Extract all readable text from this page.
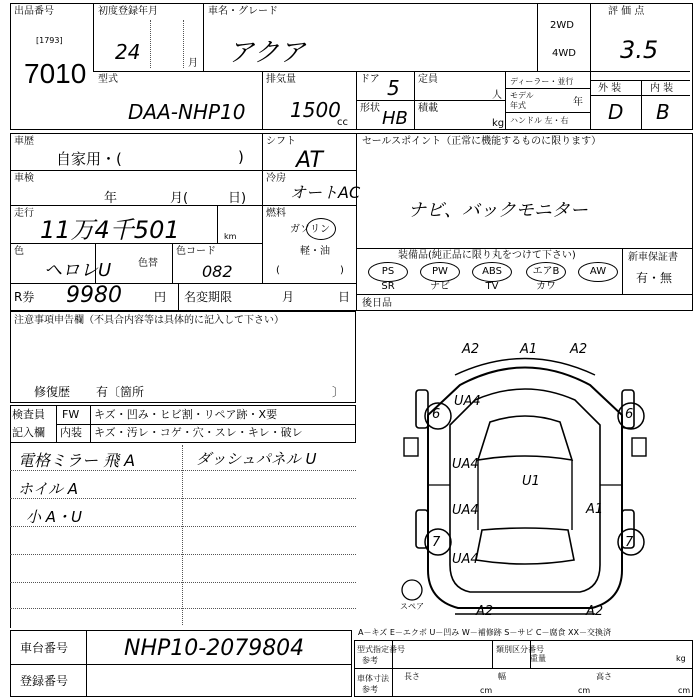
出品番号
[1793]
7010
初度登録年月
24	月
車名・グレード
アクア
2WD
4WD
評 価 点
3.5
型式
DAA-NHP10
排気量
1500
cc
ドア 5
形状 HB
定員
人
積載
kg
ディーラー・並行
モデル
年式	年
ハンドル 左・右
外 装	内 装
D B
車歴
自家用・(	)
車検
年	月(	日)
走行
11万4千501	km
色
ヘロレU	色替
色コード
082
シフト
AT
冷房
オートAC
燃料
ガソリン
軽・油
(	)
セールスポイント（正常に機能するものに限ります）
ナビ、バックモニター
装備品(純正品に限り丸をつけて下さい)
PS	PW	ABS	エアB	AW
SR	ナビ	TV	カワ
新車保証書
有・無
R券 9980	円 名変期限	月	日 後日品
注意事項申告欄（不具合内容等は具体的に記入して下さい）
修復歴 有〔箇所	〕
検査員
記入欄
FW キズ・凹み・ヒビ割・リペア跡・X要
内装 キズ・汚レ・コゲ・穴・スレ・キレ・破レ
電格ミラー 飛 A	ダッシュパネル U
ホイル A
小 A・U
A2	A1	A2
UA4
6	6
UA4
U1
UA4	A1
7	7
UA4
A2	A2
スペア
A－キズ E－エクボ U－凹み W－補修跡 S－サビ C－腐食 XX－交換済
車台番号	NHP10-2079804
登録番号
型式指定番号
参考
類別区分番号
車体寸法
参考
長さ	幅	高さ
重量	kg
cm	cm	cm
